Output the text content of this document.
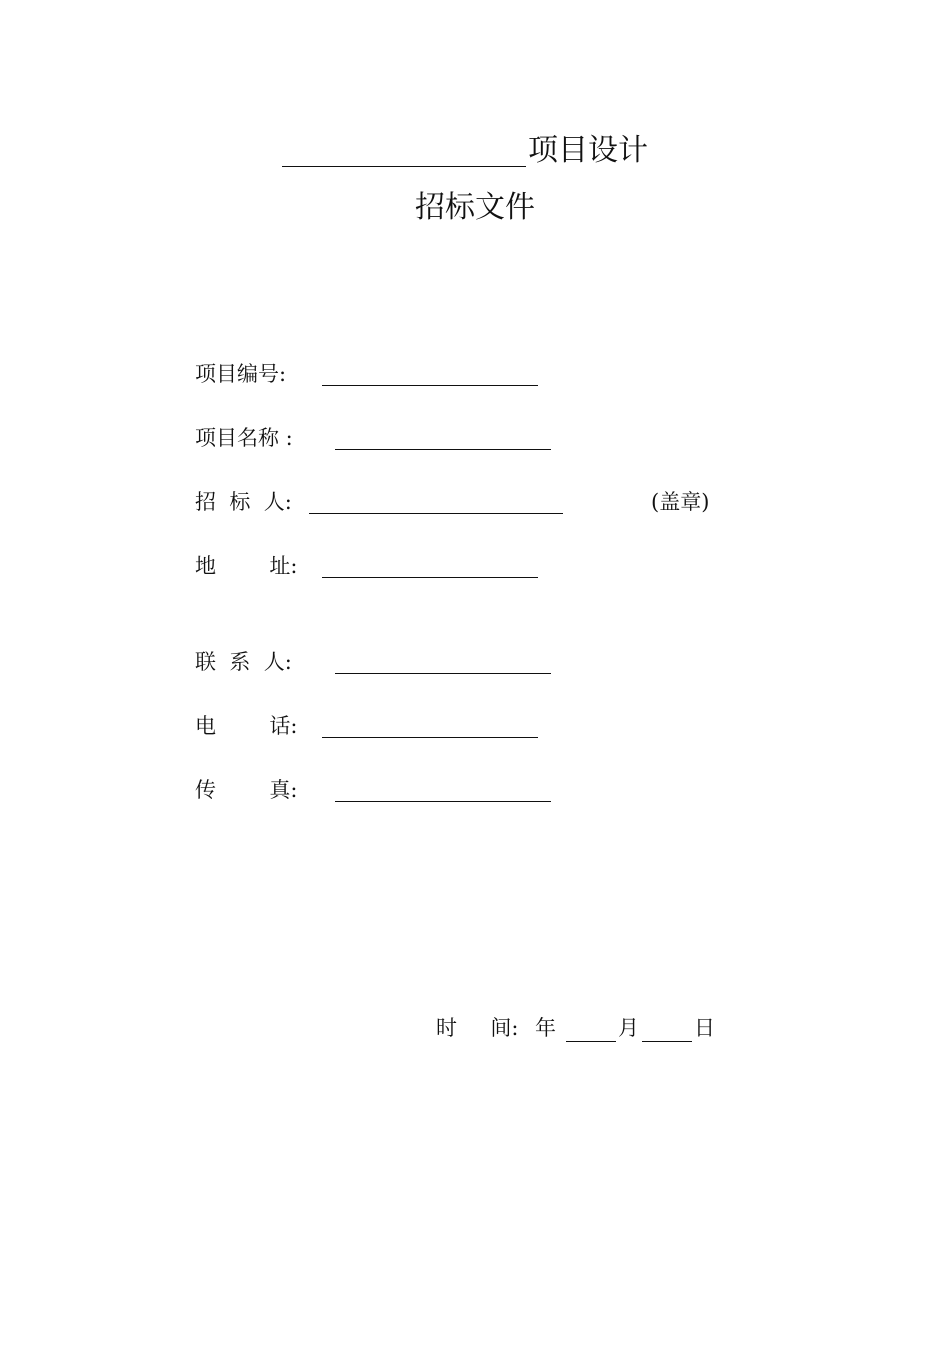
项目设计
招标文件
项目编号:
项目名称 :
招  标  人:	(盖章)
地        址:
联  系  人:
电        话:
传        真:
时     间: 年	月	日
